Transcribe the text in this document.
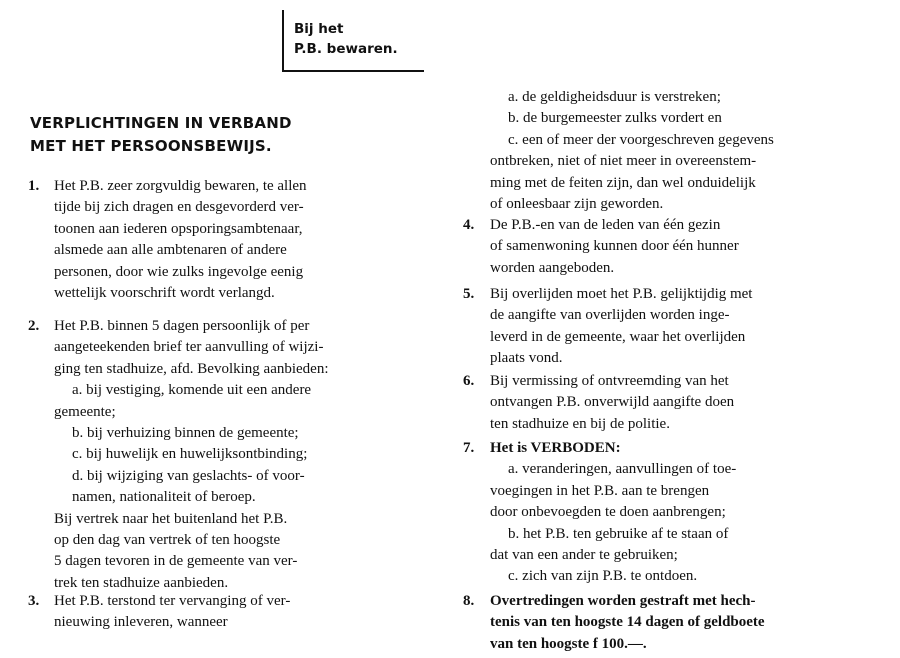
Bij het
P.B. bewaren.
VERPLICHTINGEN IN VERBAND
MET HET PERSOONSBEWIJS.
1. Het P.B. zeer zorgvuldig bewaren, te allen
tijde bij zich dragen en desgevorderd ver-
toonen aan iederen opsporingsambtenaar,
alsmede aan alle ambtenaren of andere
personen, door wie zulks ingevolge eenig
wettelijk voorschrift wordt verlangd.
2. Het P.B. binnen 5 dagen persoonlijk of per
aangeteekenden brief ter aanvulling of wijzi-
ging ten stadhuize, afd. Bevolking aanbieden:
a. bij vestiging, komende uit een andere
gemeente;
b. bij verhuizing binnen de gemeente;
c. bij huwelijk en huwelijksontbinding;
d. bij wijziging van geslachts- of voor-
namen, nationaliteit of beroep.
Bij vertrek naar het buitenland het P.B.
op den dag van vertrek of ten hoogste
5 dagen tevoren in de gemeente van ver-
trek ten stadhuize aanbieden.
3. Het P.B. terstond ter vervanging of ver-
nieuwing inleveren, wanneer
a. de geldigheidsduur is verstreken;
b. de burgemeester zulks vordert en
c. een of meer der voorgeschreven gegevens
ontbreken, niet of niet meer in overeenstem-
ming met de feiten zijn, dan wel onduidelijk
of onleesbaar zijn geworden.
4. De P.B.-en van de leden van één gezin
of samenwoning kunnen door één hunner
worden aangeboden.
5. Bij overlijden moet het P.B. gelijktijdig met
de aangifte van overlijden worden inge-
leverd in de gemeente, waar het overlijden
plaats vond.
6. Bij vermissing of ontvreemding van het
ontvangen P.B. onverwijld aangifte doen
ten stadhuize en bij de politie.
7. Het is VERBODEN:
a. veranderingen, aanvullingen of toe-
voegingen in het P.B. aan te brengen
door onbevoegden te doen aanbrengen;
b. het P.B. ten gebruike af te staan of
dat van een ander te gebruiken;
c. zich van zijn P.B. te ontdoen.
8. Overtredingen worden gestraft met hech-
tenis van ten hoogste 14 dagen of geldboete
van ten hoogste f 100.—.
